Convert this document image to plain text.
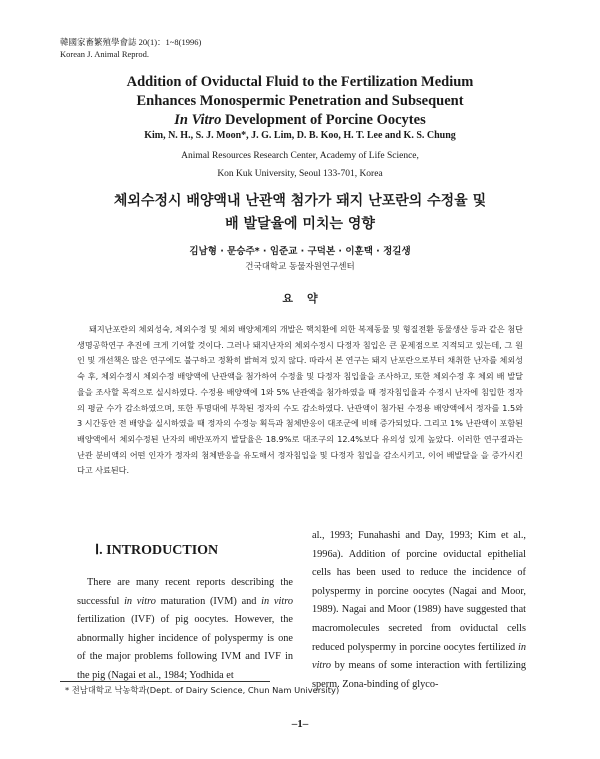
韓國家畜繁殖學會誌 20(1)：1~8(1996)
Korean J. Animal Reprod.
Addition of Oviductal Fluid to the Fertilization Medium
Enhances Monospermic Penetration and Subsequent
In Vitro Development of Porcine Oocytes
Kim, N. H., S. J. Moon*, J. G. Lim, D. B. Koo, H. T. Lee and K. S. Chung
Animal Resources Research Center, Academy of Life Science,
Kon Kuk University, Seoul 133-701, Korea
체외수정시 배양액내 난관액 첨가가 돼지 난포란의 수정율 및
배 발달율에 미치는 영향
김남형 · 문승주* · 임준교 · 구덕본 · 이훈택 · 정길생
건국대학교 동물자원연구센터
요약

돼지난포란의 체외성숙, 체외수정 및 체외 배양체계의 개발은 핵치환에 의한 복제동물 및 형질전환 동물생산 등과 같은 첨단생명공학연구 추진에 크게 기여할 것이다. 그러나 돼지난자의 체외수정시 다정자 침입은 큰 문제점으로 지적되고 있는데, 그 원인 및 개선책은 많은 연구에도 불구하고 정확히 밝혀져 있지 않다. 따라서 본 연구는 돼지 난포란으로부터 채취한 난자를 체외성숙 후, 체외수정시 체외수정 배양액에 난관액을 첨가하여 수정율 및 다정자 침입율을 조사하고, 또한 체외수정 후 체외 배 발달율을 조사할 목적으로 실시하였다. 수정용 배양액에 1와 5% 난관액을 첨가하였을 때 정자침입율과 수정시 난자에 침입한 정자의 평균 수가 감소하였으며, 또한 투명대에 부착된 정자의 수도 감소하였다. 난관액이 첨가된 수정용 배양액에서 정자를 1.5와 3 시간동안 전 배양을 실시하였을 때 정자의 수정능 획득과 첨체반응이 대조군에 비해 증가되었다. 그리고 1% 난관액이 포함된 배양액에서 체외수정된 난자의 배반포까지 발달율은 18.9%로 대조구의 12.4%보다 유의성 있게 높았다. 이러한 연구결과는 난관 분비액의 어떤 인자가 정자의 첨체반응을 유도해서 정자침입을 및 다정자 침입을 감소시키고, 이어 배발달을 을 증가시킨다고 사료된다.

Ⅰ. INTRODUCTION

There are many recent reports describing the successful in vitro maturation (IVM) and in vitro fertilization (IVF) of pig oocytes. However, the abnormally higher incidence of polyspermy is one of the major problems following IVM and IVF in the pig (Nagai et al., 1984; Yodhida et

al., 1993; Funahashi and Day, 1993; Kim et al., 1996a). Addition of porcine oviductal epithelial cells has been used to reduce the incidence of polyspermy in porcine oocytes (Nagai and Moor, 1989). Nagai and Moor (1989) have suggested that macromolecules secreted from oviductal cells reduced polyspermy in porcine oocytes fertilized in vitro by means of some interaction with fertilizing sperm. Zona-binding of glyco-

* 전남대학교 낙농학과(Dept. of Dairy Science, Chun Nam University)
–1–
